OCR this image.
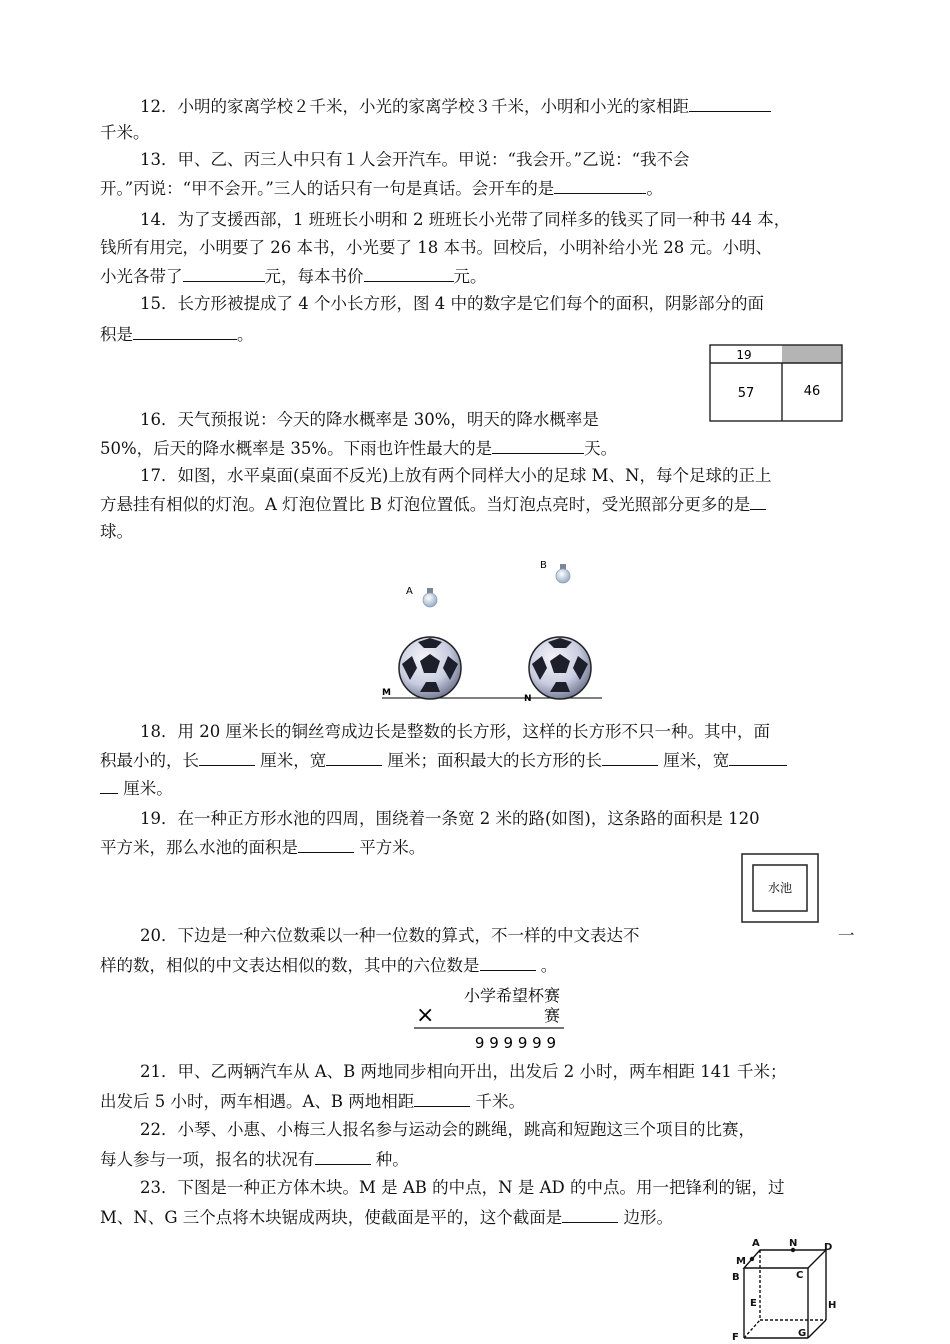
12．小明的家离学校２千米，小光的家离学校３千米，小明和小光的家相距
千米。
13．甲、乙、丙三人中只有１人会开汽车。甲说：“我会开。”乙说：“我不会
开。”丙说：“甲不会开。”三人的话只有一句是真话。会开车的是	。
14．为了支援西部，1 班班长小明和 2 班班长小光带了同样多的钱买了同一种书 44 本，
钱所有用完，小明要了 26 本书，小光要了 18 本书。回校后，小明补给小光 28 元。小明、
小光各带了	元，每本书价	元。
15．长方形被提成了 4 个小长方形，图 4 中的数字是它们每个的面积，阴影部分的面
积是	。
19
57	46
16．天气预报说：今天的降水概率是 30%，明天的降水概率是
50%，后天的降水概率是 35%。下雨也许性最大的是	天。
17．如图，水平桌面(桌面不反光)上放有两个同样大小的足球 M、N，每个足球的正上
方悬挂有相似的灯泡。A 灯泡位置比 B 灯泡位置低。当灯泡点亮时，受光照部分更多的是
球。
A
B
M
N
18．用 20 厘米长的铜丝弯成边长是整数的长方形，这样的长方形不只一种。其中，面
积最小的，长	厘米，宽	厘米；面积最大的长方形的长	厘米，宽
厘米。
19．在一种正方形水池的四周，围绕着一条宽 2 米的路(如图)，这条路的面积是 120
平方米，那么水池的面积是	平方米。
水池
20．下边是一种六位数乘以一种一位数的算式，不一样的中文表达不	一
样的数，相似的中文表达相似的数，其中的六位数是	。
小学希望杯赛
×	赛
9 9 9 9 9 9
21．甲、乙两辆汽车从 A、B 两地同步相向开出，出发后 2 小时，两车相距 141 千米；
出发后 5 小时，两车相遇。A、B 两地相距	千米。
22．小琴、小惠、小梅三人报名参与运动会的跳绳，跳高和短跑这三个项目的比赛，
每人参与一项，报名的状况有	种。
23．下图是一种正方体木块。M 是 AB 的中点，N 是 AD 的中点。用一把锋利的锯，过
M、N、G 三个点将木块锯成两块，使截面是平的，这个截面是	边形。
A	N	D
M
B	C
E	H
F	G
